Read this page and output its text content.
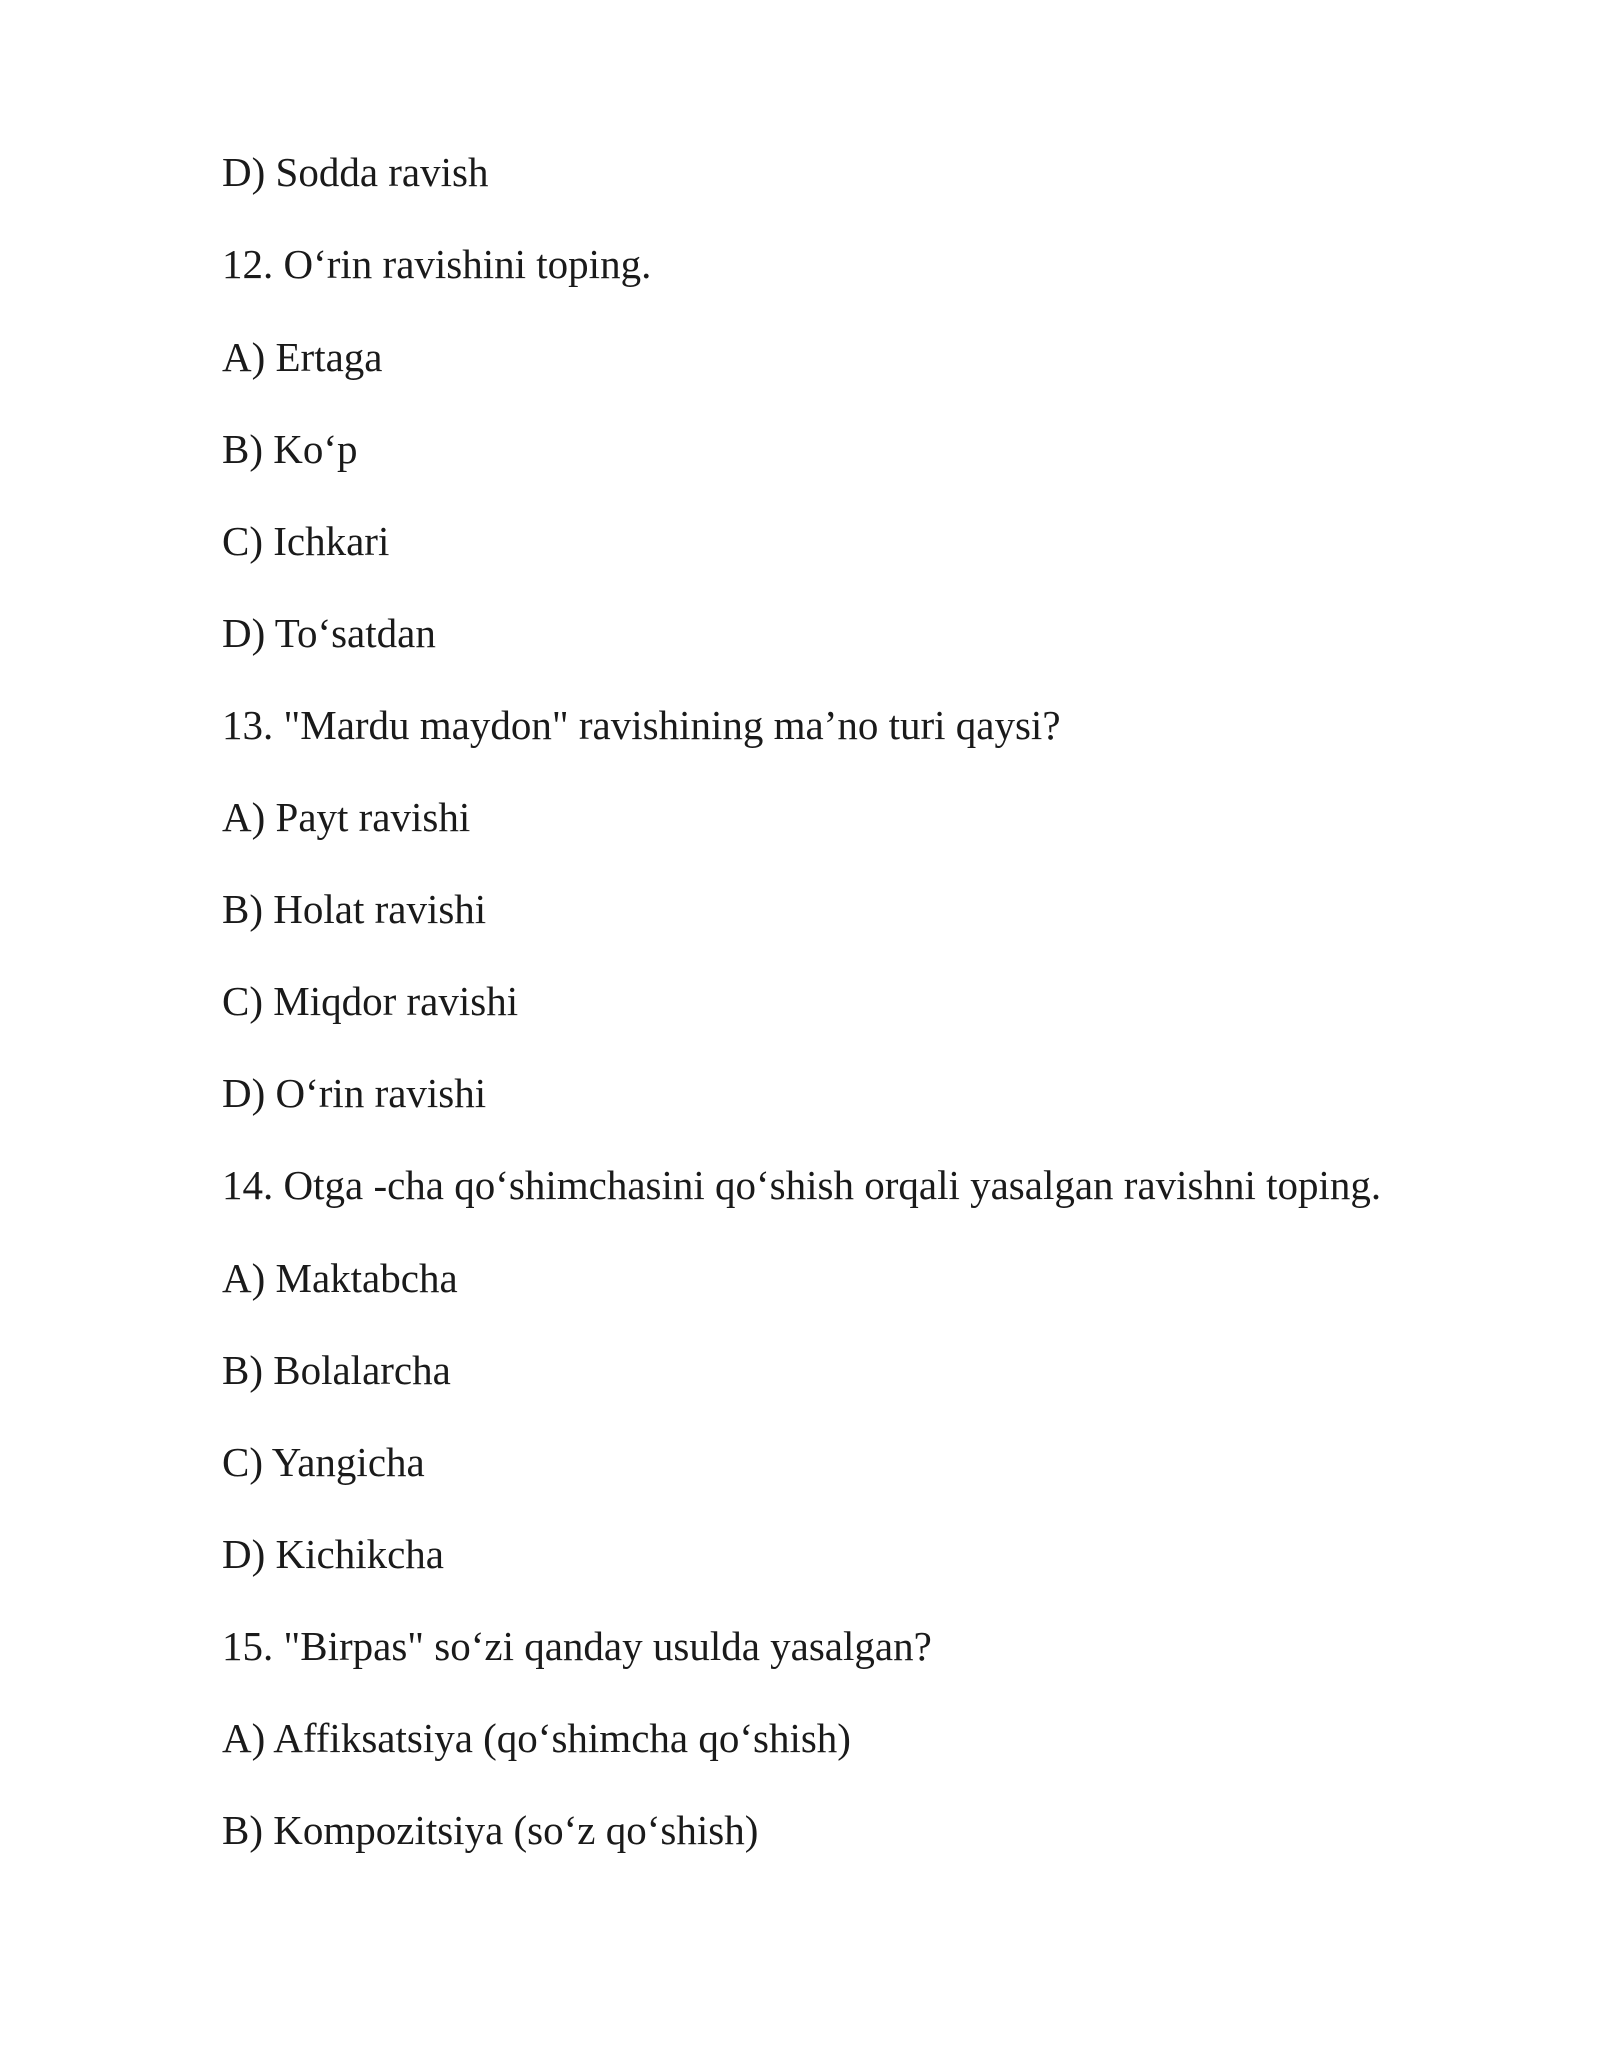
D) Sodda ravish

12. O‘rin ravishini toping.

A) Ertaga

B) Ko‘p

C) Ichkari

D) To‘satdan

13. "Mardu maydon" ravishining ma’no turi qaysi?

A) Payt ravishi

B) Holat ravishi

C) Miqdor ravishi

D) O‘rin ravishi

14. Otga -cha qo‘shimchasini qo‘shish orqali yasalgan ravishni toping.

A) Maktabcha

B) Bolalarcha

C) Yangicha

D) Kichikcha

15. "Birpas" so‘zi qanday usulda yasalgan?

A) Affiksatsiya (qo‘shimcha qo‘shish)

B) Kompozitsiya (so‘z qo‘shish)
